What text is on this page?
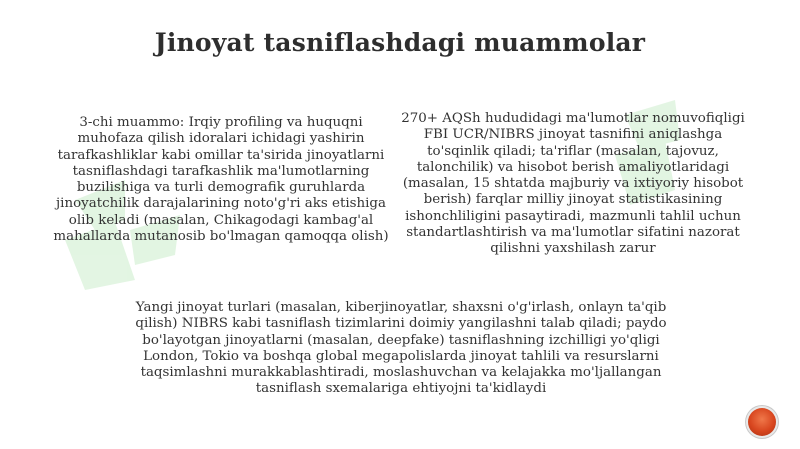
Jinoyat tasniflashdagi muammolar
3-chi muammo: Irqiy profiling va huquqni muhofaza qilish idoralari ichidagi yashirin tarafkashliklar kabi omillar ta'sirida jinoyatlarni tasniflashdagi tarafkashlik ma'lumotlarning buzilishiga va turli demografik guruhlarda jinoyatchilik darajalarining noto'g'ri aks etishiga olib keladi (masalan, Chikagodagi kambag'al mahallarda mutanosib bo'lmagan qamoqqa olish)
270+ AQSh hududidagi ma'lumotlar nomuvofiqligi FBI UCR/NIBRS jinoyat tasnifini aniqlashga to'sqinlik qiladi; ta'riflar (masalan, tajovuz, talonchilik) va hisobot berish amaliyotlaridagi (masalan, 15 shtatda majburiy va ixtiyoriy hisobot berish) farqlar milliy jinoyat statistikasining ishonchliligini pasaytiradi, mazmunli tahlil uchun standartlashtirish va ma'lumotlar sifatini nazorat qilishni yaxshilash zarur
Yangi jinoyat turlari (masalan, kiberjinoyatlar, shaxsni o'g'irlash, onlayn ta'qib qilish) NIBRS kabi tasniflash tizimlarini doimiy yangilashni talab qiladi; paydo bo'layotgan jinoyatlarni (masalan, deepfake) tasniflashning izchilligi yo'qligi London, Tokio va boshqa global megapolislarda jinoyat tahlili va resurslarni taqsimlashni murakkablashtiradi, moslashuvchan va kelajakka mo'ljallangan tasniflash sxemalariga ehtiyojni ta'kidlaydi
